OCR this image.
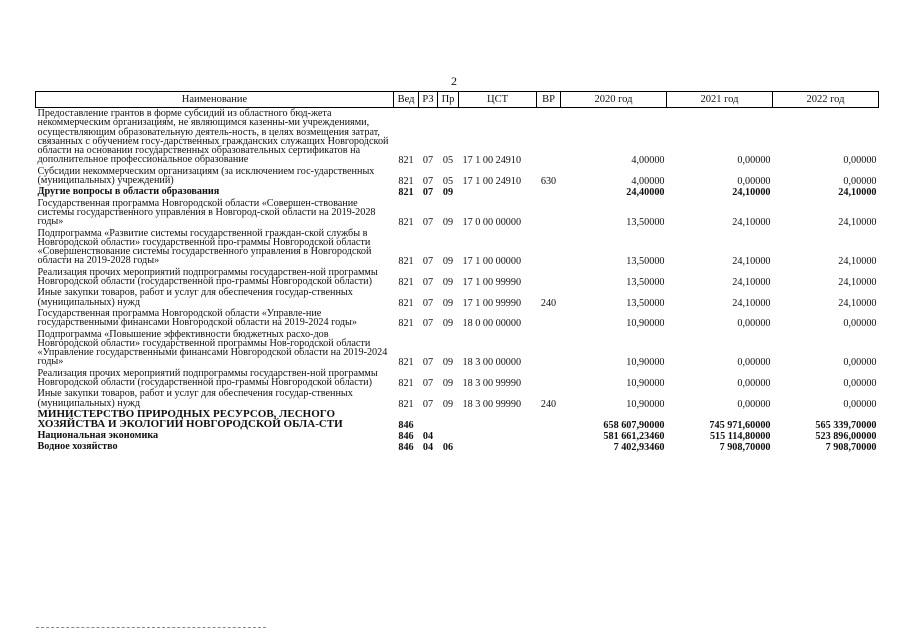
2
Наименование	Вед	РЗ	Пр	ЦСТ	ВР	2020 год	2021 год	2022 год
Предоставление грантов в форме субсидий из областного бюд-жета некоммерческим организациям, не являющимся казенны-ми учреждениями, осуществляющим образовательную деятель-ность, в целях возмещения затрат, связанных с обучением госу-дарственных гражданских служащих Новгородской области на основании государственных образовательных сертификатов на дополнительное профессиональное образование	821	07	05	17 1 00 24910		4,00000	0,00000	0,00000
Субсидии некоммерческим организациям (за исключением гос-ударственных (муниципальных) учреждений)	821	07	05	17 1 00 24910	630	4,00000	0,00000	0,00000
Другие вопросы в области образования	821	07	09			24,40000	24,10000	24,10000
Государственная программа Новгородской области «Совершен-ствование системы государственного управления в Новгород-ской области на 2019-2028 годы»	821	07	09	17 0 00 00000		13,50000	24,10000	24,10000
Подпрограмма «Развитие системы государственной граждан-ской службы в Новгородской области» государственной про-граммы Новгородской области «Совершенствование системы государственного управления в Новгородской области на 2019-2028 годы»	821	07	09	17 1 00 00000		13,50000	24,10000	24,10000
Реализация прочих мероприятий подпрограммы государствен-ной программы Новгородской области (государственной про-граммы Новгородской области)	821	07	09	17 1 00 99990		13,50000	24,10000	24,10000
Иные закупки товаров, работ и услуг для обеспечения государ-ственных (муниципальных) нужд	821	07	09	17 1 00 99990	240	13,50000	24,10000	24,10000
Государственная программа Новгородской области «Управле-ние государственными финансами Новгородской области на 2019-2024 годы»	821	07	09	18 0 00 00000		10,90000	0,00000	0,00000
Подпрограмма «Повышение эффективности бюджетных расхо-дов Новгородской области» государственной программы Нов-городской области «Управление государственными финансами Новгородской области на 2019-2024 годы»	821	07	09	18 3 00 00000		10,90000	0,00000	0,00000
Реализация прочих мероприятий подпрограммы государствен-ной программы Новгородской области (государственной про-граммы Новгородской области)	821	07	09	18 3 00 99990		10,90000	0,00000	0,00000
Иные закупки товаров, работ и услуг для обеспечения государ-ственных (муниципальных) нужд	821	07	09	18 3 00 99990	240	10,90000	0,00000	0,00000
МИНИСТЕРСТВО ПРИРОДНЫХ РЕСУРСОВ, ЛЕСНОГО ХОЗЯЙСТВА И ЭКОЛОГИИ НОВГОРОДСКОЙ ОБЛА-СТИ	846					658 607,90000	745 971,60000	565 339,70000
Национальная экономика	846	04				581 661,23460	515 114,80000	523 896,00000
Водное хозяйство	846	04	06			7 402,93460	7 908,70000	7 908,70000
